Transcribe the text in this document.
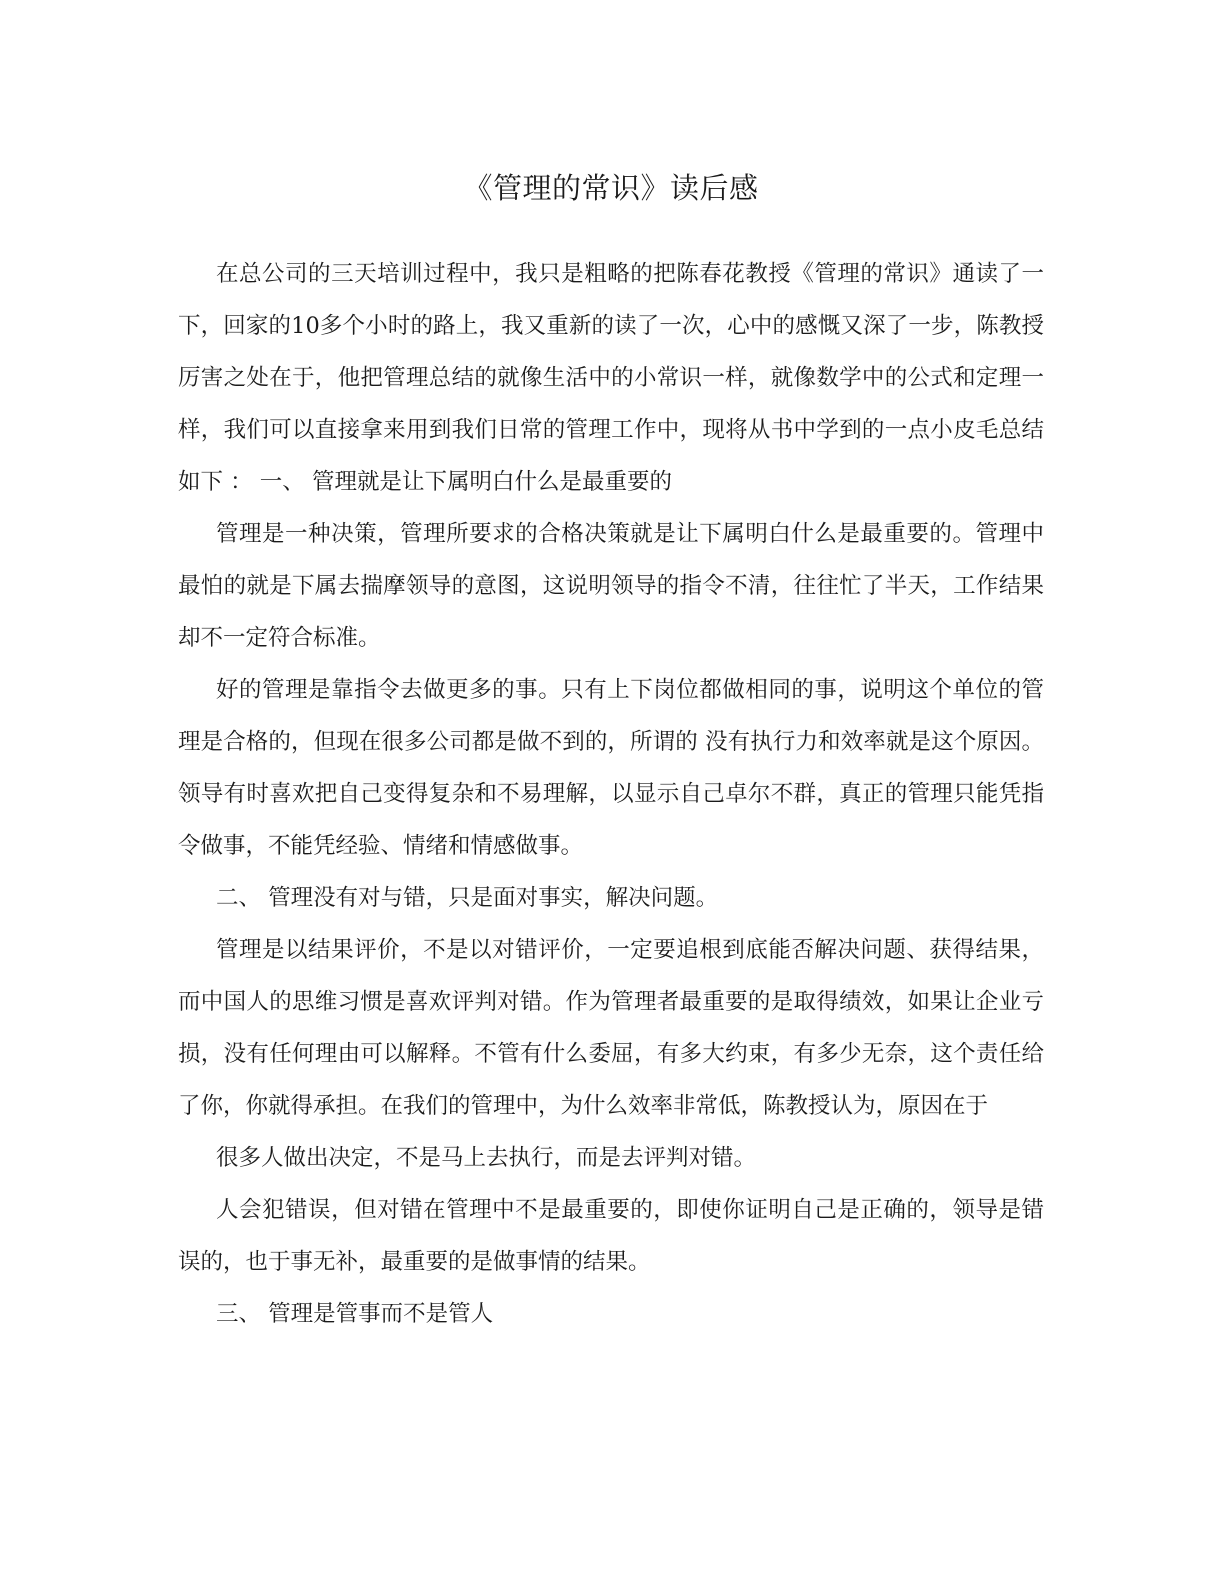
《管理的常识》读后感

在总公司的三天培训过程中，我只是粗略的把陈春花教授《管理的常识》通读了一下，回家的10多个小时的路上，我又重新的读了一次，心中的感慨又深了一步，陈教授厉害之处在于，他把管理总结的就像生活中的小常识一样，就像数学中的公式和定理一样，我们可以直接拿来用到我们日常的管理工作中，现将从书中学到的一点小皮毛总结如下 ： 一、 管理就是让下属明白什么是最重要的

管理是一种决策，管理所要求的合格决策就是让下属明白什么是最重要的。管理中最怕的就是下属去揣摩领导的意图，这说明领导的指令不清，往往忙了半天，工作结果却不一定符合标准。

好的管理是靠指令去做更多的事。只有上下岗位都做相同的事，说明这个单位的管理是合格的，但现在很多公司都是做不到的，所谓的 没有执行力和效率就是这个原因。领导有时喜欢把自己变得复杂和不易理解，以显示自己卓尔不群，真正的管理只能凭指令做事，不能凭经验、情绪和情感做事。

二、 管理没有对与错，只是面对事实，解决问题。

管理是以结果评价，不是以对错评价，一定要追根到底能否解决问题、获得结果，而中国人的思维习惯是喜欢评判对错。作为管理者最重要的是取得绩效，如果让企业亏损，没有任何理由可以解释。不管有什么委屈，有多大约束，有多少无奈，这个责任给了你，你就得承担。在我们的管理中，为什么效率非常低，陈教授认为，原因在于

很多人做出决定，不是马上去执行，而是去评判对错。

人会犯错误，但对错在管理中不是最重要的，即使你证明自己是正确的，领导是错误的，也于事无补，最重要的是做事情的结果。

三、 管理是管事而不是管人
